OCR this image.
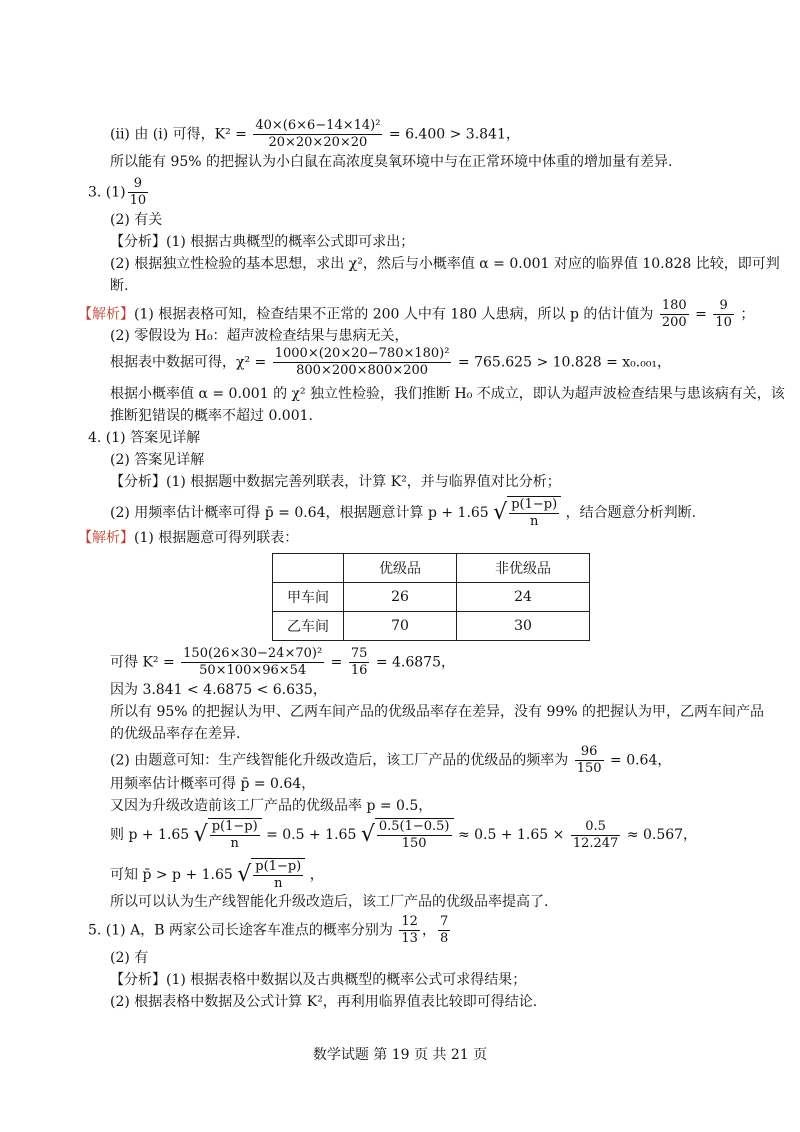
(ii) 由 (i) 可得，$K^2 = \frac{\text{40×(6×6−14×14)²}}{20\times 20\times 20\times 20} = 6.400 > 3.841$，
所以能有 95% 的把握认为小白鼠在高浓度臭氧环境中与在正常环境中体重的增加量有差异.
3. $(1) \frac{9}{10}$
(2) 有关
【分析】(1) 根据古典概型的概率公式即可求出；
(2) 根据独立性检验的基本思想，求出 χ²，然后与小概率值 α = 0.001 对应的临界值 10.828 比较，即可判
断.
【解析】(1) 根据表格可知，检查结果不正常的 200 人中有 180 人患病，所以 p 的估计值为 $\frac{180}{200} = \frac{9}{10}$ ；
(2) 零假设为 H₀：超声波检查结果与患病无关，
根据表中数据可得，$\chi^2 = \frac{\text{1000×(20×20−780×180)²}}{800\times 200\times 800\times 200} = 765.625 > 10.828 = x_0._{001}$，
根据小概率值 α = 0.001 的 χ² 独立性检验，我们推断 H₀ 不成立，即认为超声波检查结果与患该病有关，该
推断犯错误的概率不超过 0.001.
4. (1) 答案见详解
(2) 答案见详解
【分析】(1) 根据题中数据完善列联表，计算 K²，并与临界值对比分析；
(2) 用频率估计概率可得 p̄ = 0.64，根据题意计算 p + 1.65 √ $\frac{p(1-p)}{n}$ ，结合题意分析判断.
【解析】(1) 根据题意可得列联表：
	优级品	非优级品
甲车间	26	24
乙车间	70	30
可得 $K^2 = \frac{\text{150(26×30−24×70)²}}{50\times 100\times 96\times 54} = \frac{75}{16} = 4.6875$，
因为 3.841 < 4.6875 < 6.635，
所以有 95% 的把握认为甲、乙两车间产品的优级品率存在差异，没有 99% 的把握认为甲，乙两车间产品
的优级品率存在差异.
(2) 由题意可知：生产线智能化升级改造后，该工厂产品的优级品的频率为 $\frac{96}{150} = 0.64$，
用频率估计概率可得 p̄ = 0.64，
又因为升级改造前该工厂产品的优级品率 p = 0.5，
则 p + 1.65 √ $\frac{p(1-p)}{n} = 0.5 + 1.65$ √ $\frac{0.5(1-0.5)}{150} \approx 0.5 + 1.65 \times \frac{0.5}{12.247} \approx 0.567$，
可知 p̄ > p + 1.65 √ $\frac{p(1-p)}{n}$ ，
所以可以认为生产线智能化升级改造后，该工厂产品的优级品率提高了.
5. (1) A，B 两家公司长途客车准点的概率分别为 $\frac{12}{13}$ ， $\frac{7}{8}$
(2) 有
【分析】(1) 根据表格中数据以及古典概型的概率公式可求得结果；
(2) 根据表格中数据及公式计算 K²，再利用临界值表比较即可得结论.
数学试题 第 19 页 共 21 页
